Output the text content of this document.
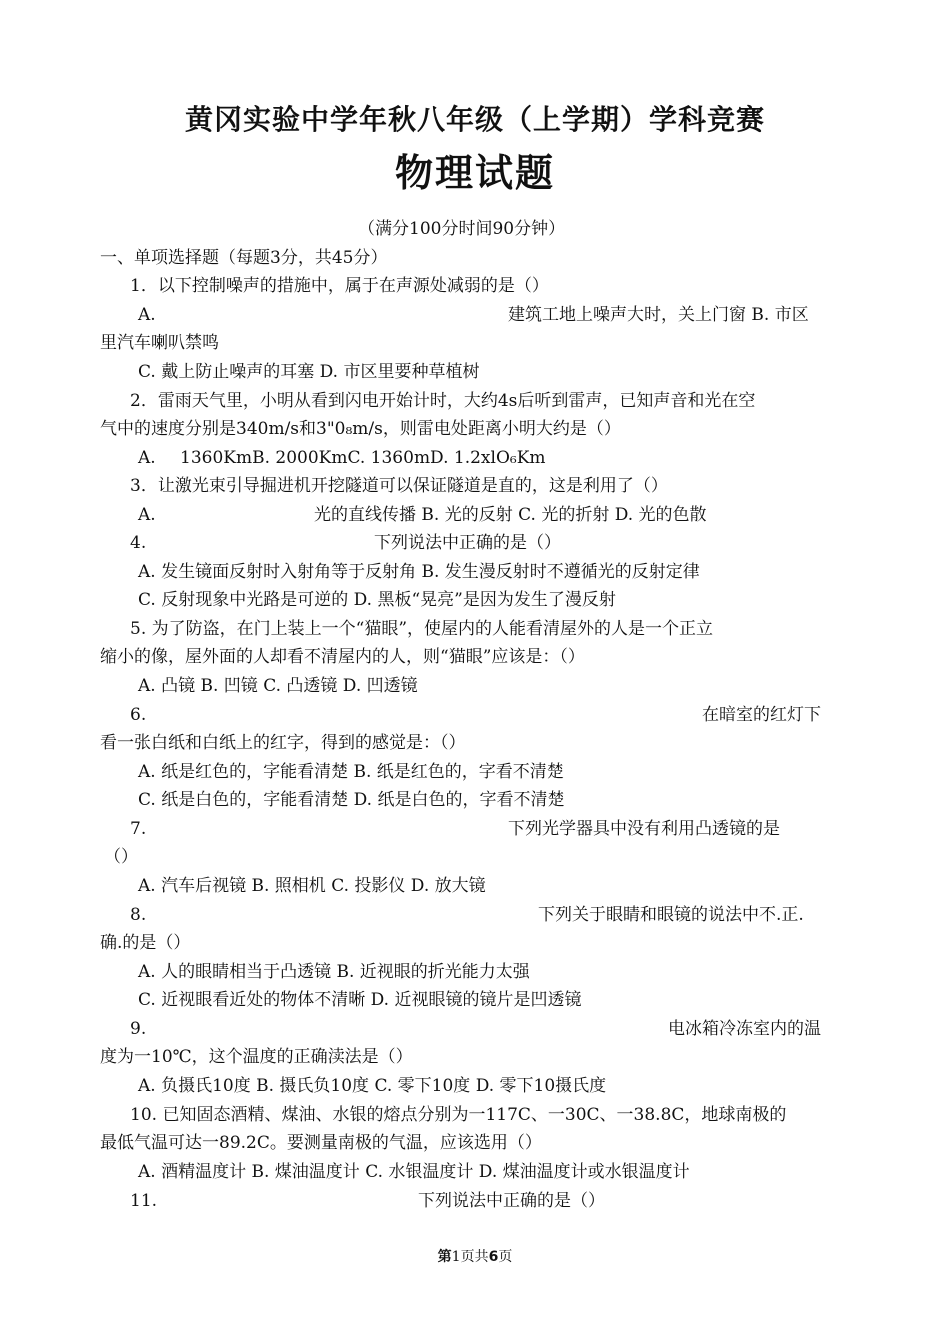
黄冈实验中学年秋八年级（上学期）学科竞赛
物理试题
（满分100分时间90分钟）
一、单项选择题（每题3分，共45分）
1．以下控制噪声的措施中，属于在声源处减弱的是（）
A.	建筑工地上噪声大时，关上门窗 B. 市区
里汽车喇叭禁鸣
C. 戴上防止噪声的耳塞 D. 市区里要种草植树
2．雷雨天气里，小明从看到闪电开始计时，大约4s后听到雷声，已知声音和光在空
气中的速度分别是340m/s和3"0₈m/s，则雷电处距离小明大约是（）
A. 1360KmB. 2000KmC. 1360mD. 1.2xlO₆Km
3．让激光束引导掘进机开挖隧道可以保证隧道是直的，这是利用了（）
A.	光的直线传播 B. 光的反射 C. 光的折射 D. 光的色散
4.	下列说法中正确的是（）
A. 发生镜面反射时入射角等于反射角 B. 发生漫反射时不遵循光的反射定律
C. 反射现象中光路是可逆的 D. 黑板“晃亮”是因为发生了漫反射
5. 为了防盗，在门上装上一个“猫眼”，使屋内的人能看清屋外的人是一个正立
缩小的像，屋外面的人却看不清屋内的人，则“猫眼”应该是：（）
A. 凸镜 B. 凹镜 C. 凸透镜 D. 凹透镜
6.	在暗室的红灯下
看一张白纸和白纸上的红字，得到的感觉是：（）
A. 纸是红色的，字能看清楚 B. 纸是红色的，字看不清楚
C. 纸是白色的，字能看清楚 D. 纸是白色的，字看不清楚
7.	下列光学器具中没有利用凸透镜的是
（）
A. 汽车后视镜 B. 照相机 C. 投影仪 D. 放大镜
8.	下列关于眼睛和眼镜的说法中不.正.
确.的是（）
A. 人的眼睛相当于凸透镜 B. 近视眼的折光能力太强
C. 近视眼看近处的物体不清晰 D. 近视眼镜的镜片是凹透镜
9.	电冰箱冷冻室内的温
度为一10℃，这个温度的正确渎法是（）
A. 负摄氏10度 B. 摄氏负10度 C. 零下10度 D. 零下10摄氏度
10. 已知固态酒精、煤油、水银的熔点分别为一117C、一30C、一38.8C，地球南极的
最低气温可达一89.2C。要测量南极的气温，应该选用（）
A. 酒精温度计 B. 煤油温度计 C. 水银温度计 D. 煤油温度计或水银温度计
11.	下列说法中正确的是（）
第1页共6页
